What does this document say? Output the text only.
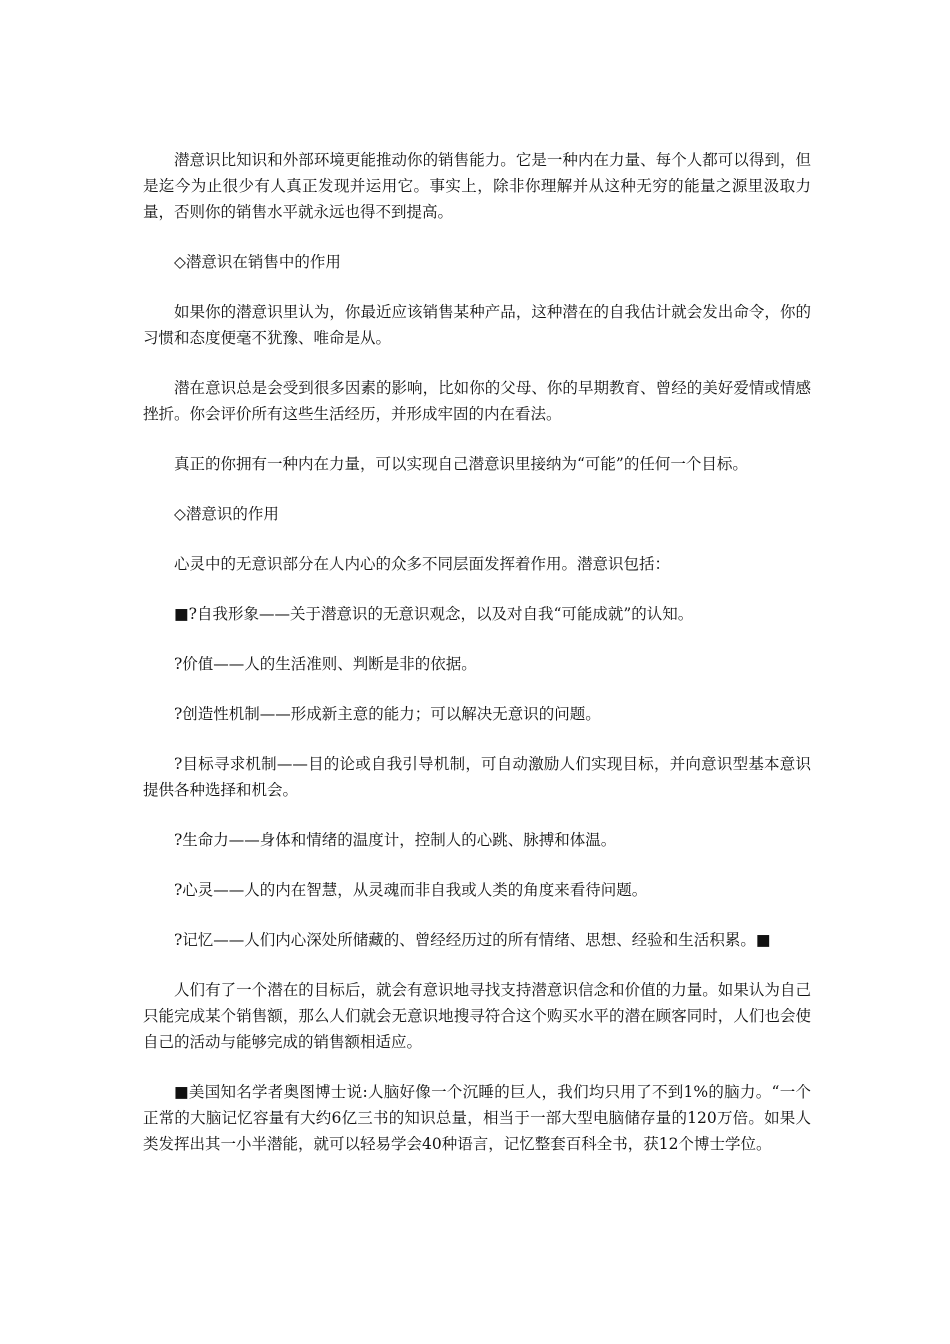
潜意识比知识和外部环境更能推动你的销售能力。它是一种内在力量、每个人都可以得到，但是迄今为止很少有人真正发现并运用它。事实上，除非你理解并从这种无穷的能量之源里汲取力量，否则你的销售水平就永远也得不到提高。

◇潜意识在销售中的作用

如果你的潜意识里认为，你最近应该销售某种产品，这种潜在的自我估计就会发出命令，你的习惯和态度便毫不犹豫、唯命是从。

潜在意识总是会受到很多因素的影响，比如你的父母、你的早期教育、曾经的美好爱情或情感挫折。你会评价所有这些生活经历，并形成牢固的内在看法。

真正的你拥有一种内在力量，可以实现自己潜意识里接纳为“可能”的任何一个目标。

◇潜意识的作用

心灵中的无意识部分在人内心的众多不同层面发挥着作用。潜意识包括：

■?自我形象——关于潜意识的无意识观念，以及对自我“可能成就”的认知。

?价值——人的生活准则、判断是非的依据。

?创造性机制——形成新主意的能力；可以解决无意识的问题。

?目标寻求机制——目的论或自我引导机制，可自动激励人们实现目标，并向意识型基本意识提供各种选择和机会。

?生命力——身体和情绪的温度计，控制人的心跳、脉搏和体温。

?心灵——人的内在智慧，从灵魂而非自我或人类的角度来看待问题。

?记忆——人们内心深处所储藏的、曾经经历过的所有情绪、思想、经验和生活积累。■

人们有了一个潜在的目标后，就会有意识地寻找支持潜意识信念和价值的力量。如果认为自己只能完成某个销售额，那么人们就会无意识地搜寻符合这个购买水平的潜在顾客同时，人们也会使自己的活动与能够完成的销售额相适应。

■美国知名学者奥图博士说:人脑好像一个沉睡的巨人，我们均只用了不到1%的脑力。“一个正常的大脑记忆容量有大约6亿三书的知识总量，相当于一部大型电脑储存量的120万倍。如果人类发挥出其一小半潜能，就可以轻易学会40种语言，记忆整套百科全书，获12个博士学位。
